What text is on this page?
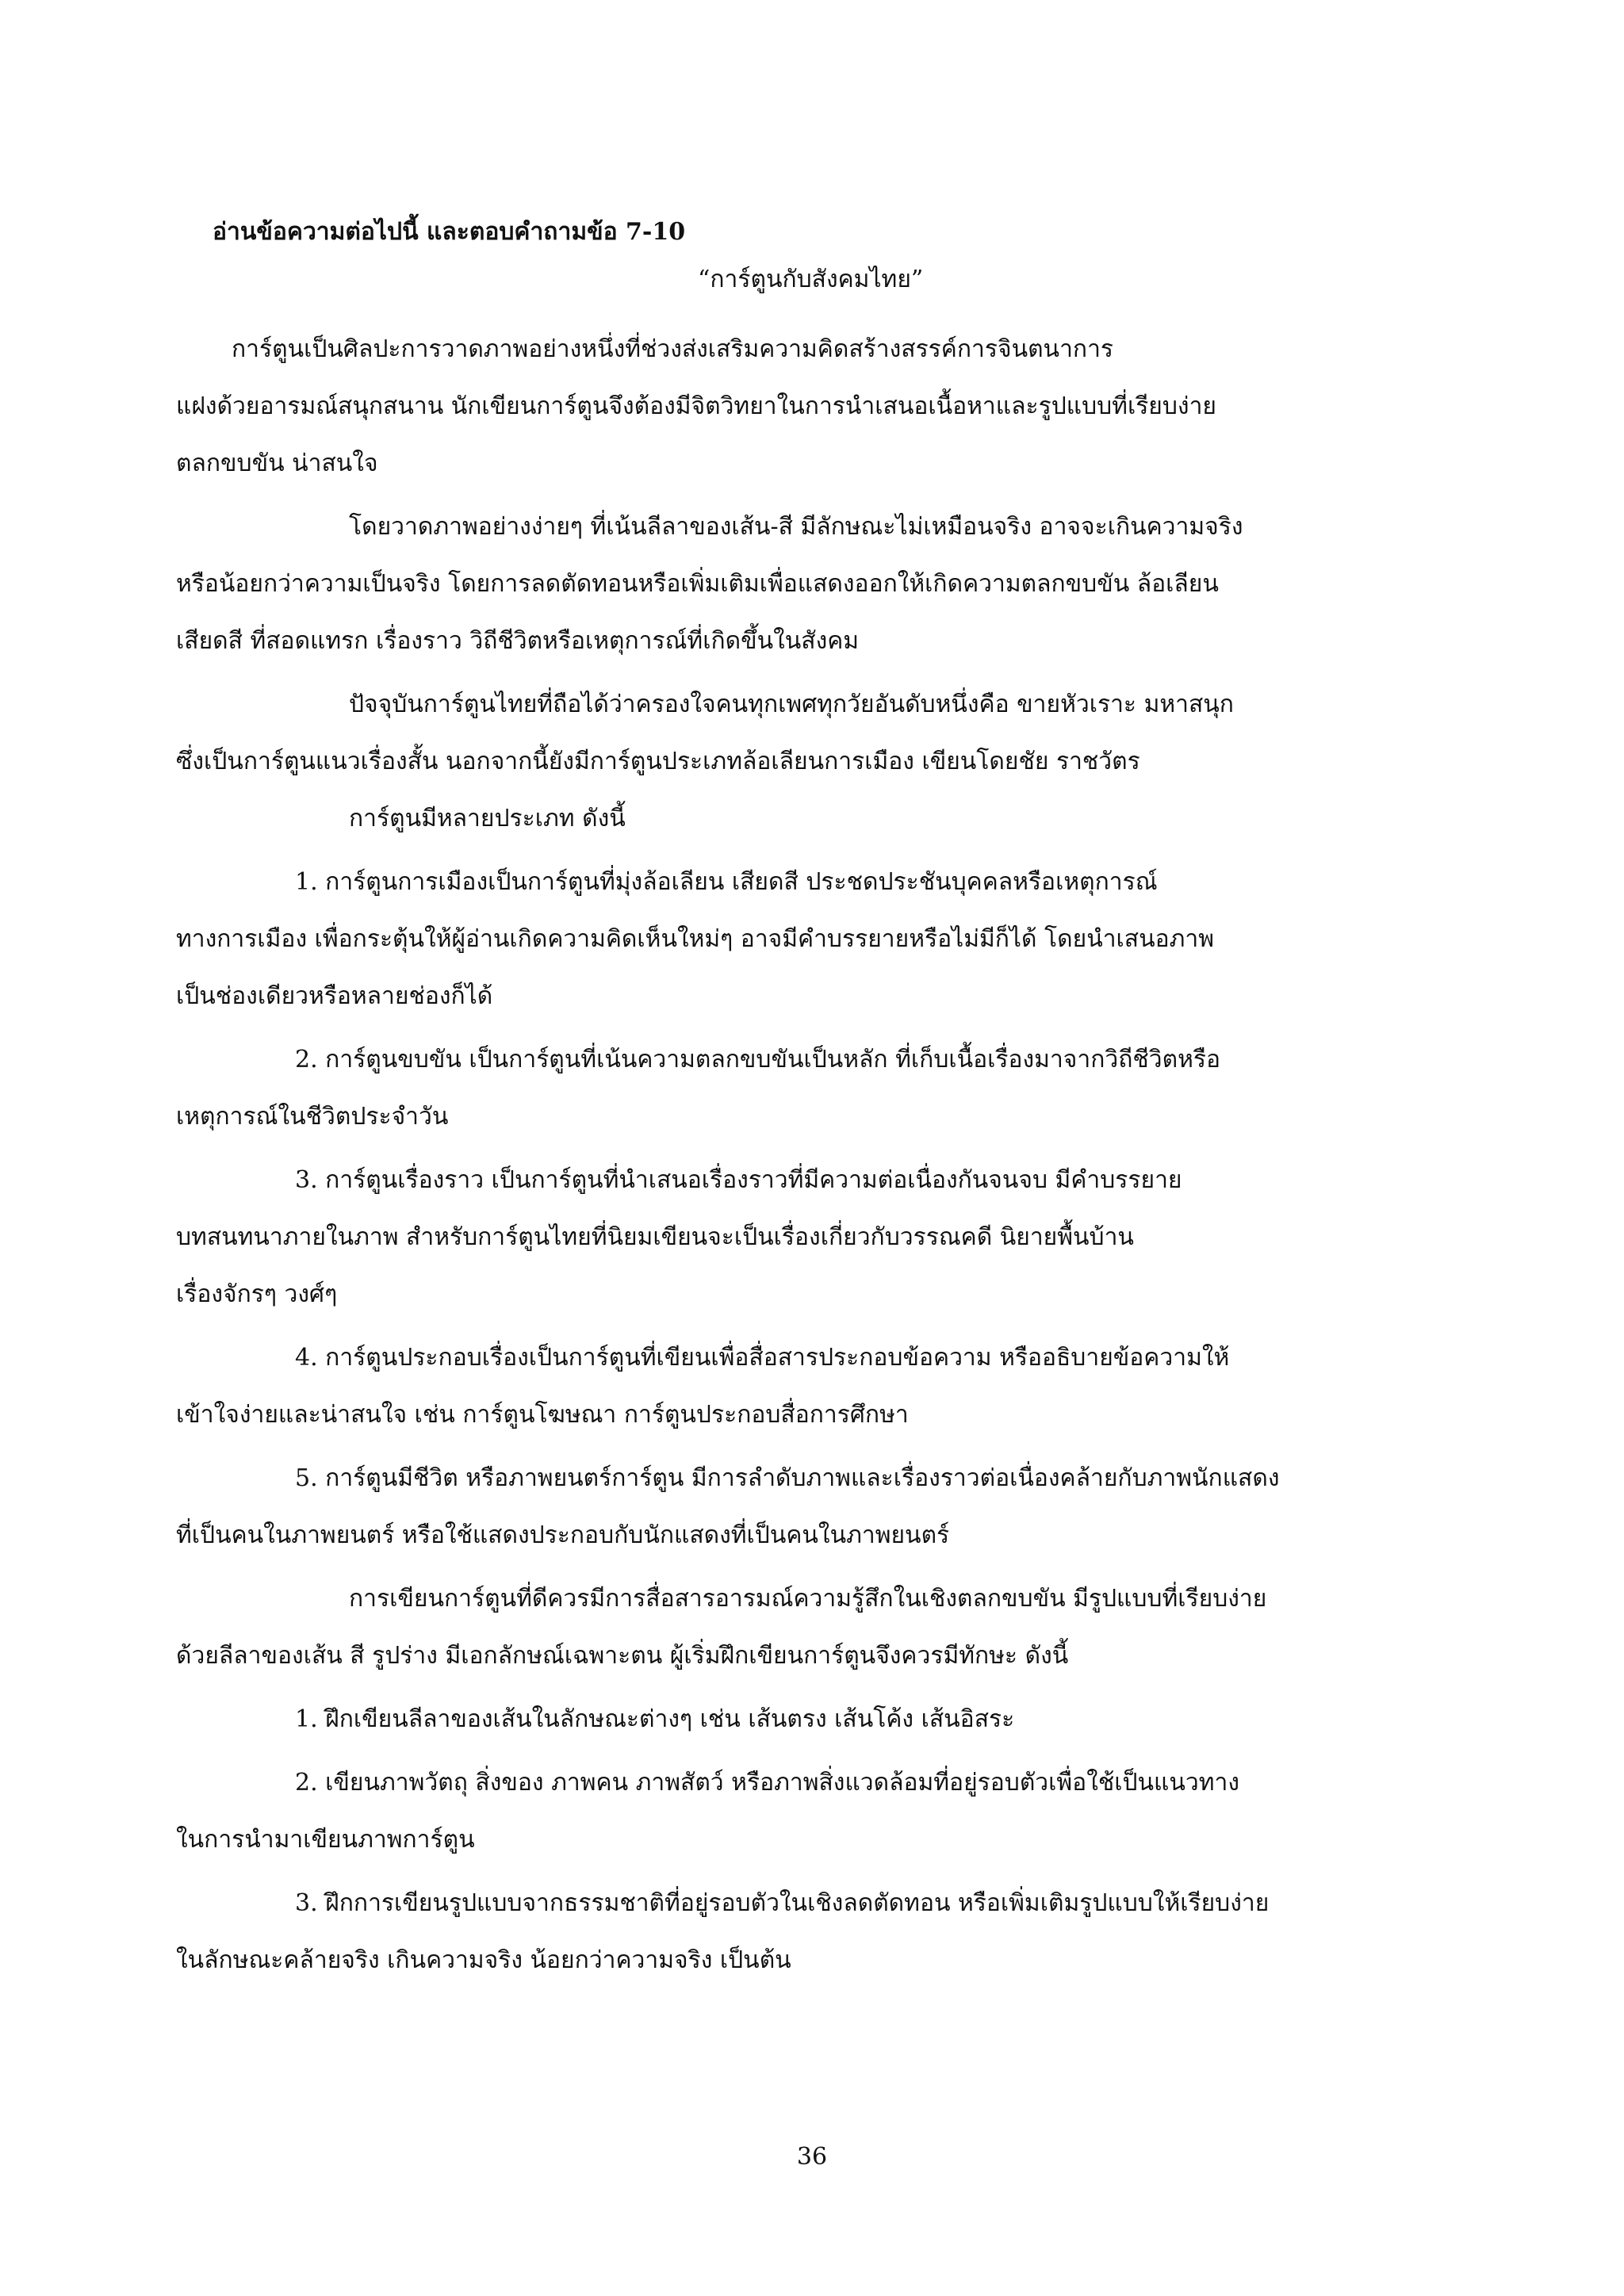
อ่านข้อความต่อไปนี้ และตอบคำถามข้อ 7-10
“การ์ตูนกับสังคมไทย”
การ์ตูนเป็นศิลปะการวาดภาพอย่างหนึ่งที่ช่วงส่งเสริมความคิดสร้างสรรค์การจินตนาการ
แฝงด้วยอารมณ์สนุกสนาน นักเขียนการ์ตูนจึงต้องมีจิตวิทยาในการนำเสนอเนื้อหาและรูปแบบที่เรียบง่าย
ตลกขบขัน น่าสนใจ
โดยวาดภาพอย่างง่ายๆ ที่เน้นลีลาของเส้น-สี มีลักษณะไม่เหมือนจริง อาจจะเกินความจริง
หรือน้อยกว่าความเป็นจริง โดยการลดตัดทอนหรือเพิ่มเติมเพื่อแสดงออกให้เกิดความตลกขบขัน ล้อเลียน
เสียดสี ที่สอดแทรก เรื่องราว วิถีชีวิตหรือเหตุการณ์ที่เกิดขึ้นในสังคม
ปัจจุบันการ์ตูนไทยที่ถือได้ว่าครองใจคนทุกเพศทุกวัยอันดับหนึ่งคือ ขายหัวเราะ มหาสนุก
ซึ่งเป็นการ์ตูนแนวเรื่องสั้น นอกจากนี้ยังมีการ์ตูนประเภทล้อเลียนการเมือง เขียนโดยชัย ราชวัตร
การ์ตูนมีหลายประเภท ดังนี้
1. การ์ตูนการเมืองเป็นการ์ตูนที่มุ่งล้อเลียน เสียดสี ประชดประชันบุคคลหรือเหตุการณ์
ทางการเมือง เพื่อกระตุ้นให้ผู้อ่านเกิดความคิดเห็นใหม่ๆ อาจมีคำบรรยายหรือไม่มีก็ได้ โดยนำเสนอภาพ
เป็นช่องเดียวหรือหลายช่องก็ได้
2. การ์ตูนขบขัน เป็นการ์ตูนที่เน้นความตลกขบขันเป็นหลัก ที่เก็บเนื้อเรื่องมาจากวิถีชีวิตหรือ
เหตุการณ์ในชีวิตประจำวัน
3. การ์ตูนเรื่องราว เป็นการ์ตูนที่นำเสนอเรื่องราวที่มีความต่อเนื่องกันจนจบ มีคำบรรยาย
บทสนทนาภายในภาพ สำหรับการ์ตูนไทยที่นิยมเขียนจะเป็นเรื่องเกี่ยวกับวรรณคดี นิยายพื้นบ้าน
เรื่องจักรๆ วงศ์ๆ
4. การ์ตูนประกอบเรื่องเป็นการ์ตูนที่เขียนเพื่อสื่อสารประกอบข้อความ หรืออธิบายข้อความให้
เข้าใจง่ายและน่าสนใจ เช่น การ์ตูนโฆษณา การ์ตูนประกอบสื่อการศึกษา
5. การ์ตูนมีชีวิต หรือภาพยนตร์การ์ตูน มีการลำดับภาพและเรื่องราวต่อเนื่องคล้ายกับภาพนักแสดง
ที่เป็นคนในภาพยนตร์ หรือใช้แสดงประกอบกับนักแสดงที่เป็นคนในภาพยนตร์
การเขียนการ์ตูนที่ดีควรมีการสื่อสารอารมณ์ความรู้สึกในเชิงตลกขบขัน มีรูปแบบที่เรียบง่าย
ด้วยลีลาของเส้น สี รูปร่าง มีเอกลักษณ์เฉพาะตน ผู้เริ่มฝึกเขียนการ์ตูนจึงควรมีทักษะ ดังนี้
1. ฝึกเขียนลีลาของเส้นในลักษณะต่างๆ เช่น เส้นตรง เส้นโค้ง เส้นอิสระ
2. เขียนภาพวัตถุ สิ่งของ ภาพคน ภาพสัตว์ หรือภาพสิ่งแวดล้อมที่อยู่รอบตัวเพื่อใช้เป็นแนวทาง
ในการนำมาเขียนภาพการ์ตูน
3. ฝึกการเขียนรูปแบบจากธรรมชาติที่อยู่รอบตัวในเชิงลดตัดทอน หรือเพิ่มเติมรูปแบบให้เรียบง่าย
ในลักษณะคล้ายจริง เกินความจริง น้อยกว่าความจริง เป็นต้น
36
